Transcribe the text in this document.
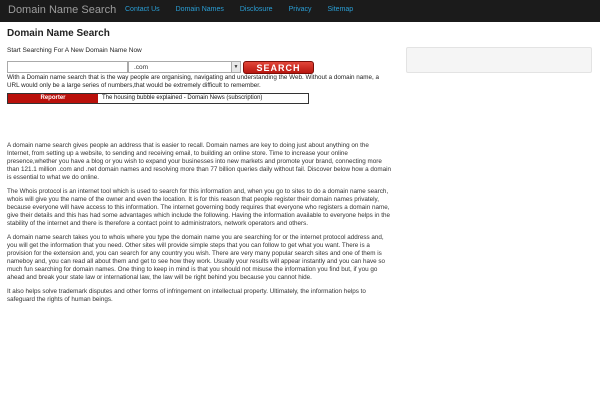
Domain Name Search	Contact Us	Domain Names	Disclosure	Privacy	Sitemap
Domain Name Search
Start Searching For A New Domain Name Now
.com	▼	SEARCH
With a Domain name search that is the way people are organising, navigating and understanding the Web. Without a domain name, a URL would only be a large series of numbers,that would be extremely difficult to remember.
Reporter	The housing bubble explained - Domain News (subscription)

A domain name search gives people an address that is easier to recall. Domain names are key to doing just about anything on the Internet, from setting up a website, to sending and receiving email, to building an online store. Time to increase your online presence,whether you have a blog or you wish to expand your businesses into new markets and promote your brand, connecting more than 121.1 million .com and .net domain names and resolving more than 77 billion queries daily without fail. Discover below how a domain is essential to what we do online.

The Whois protocol is an internet tool which is used to search for this information and, when you go to sites to do a domain name search, whois will give you the name of the owner and even the location. It is for this reason that people register their domain names privately, because everyone will have access to this information. The internet governing body requires that everyone who registers a domain name, give their details and this has had some advantages which include the following. Having the information available to everyone helps in the stability of the internet and there is therefore a contact point to administrators, network operators and others.

A domain name search takes you to whois where you type the domain name you are searching for or the internet protocol address and, you will get the information that you need. Other sites will provide simple steps that you can follow to get what you want. There is a provision for the extension and, you can search for any country you wish. There are very many popular search sites and one of them is nameboy and, you can read all about them and get to see how they work. Usually your results will appear instantly and you can have so much fun searching for domain names. One thing to keep in mind is that you should not misuse the information you find but, if you go ahead and break your state law or international law, the law will be right behind you because you cannot hide.

It also helps solve trademark disputes and other forms of infringement on intellectual property. Ultimately, the information helps to safeguard the rights of human beings.
